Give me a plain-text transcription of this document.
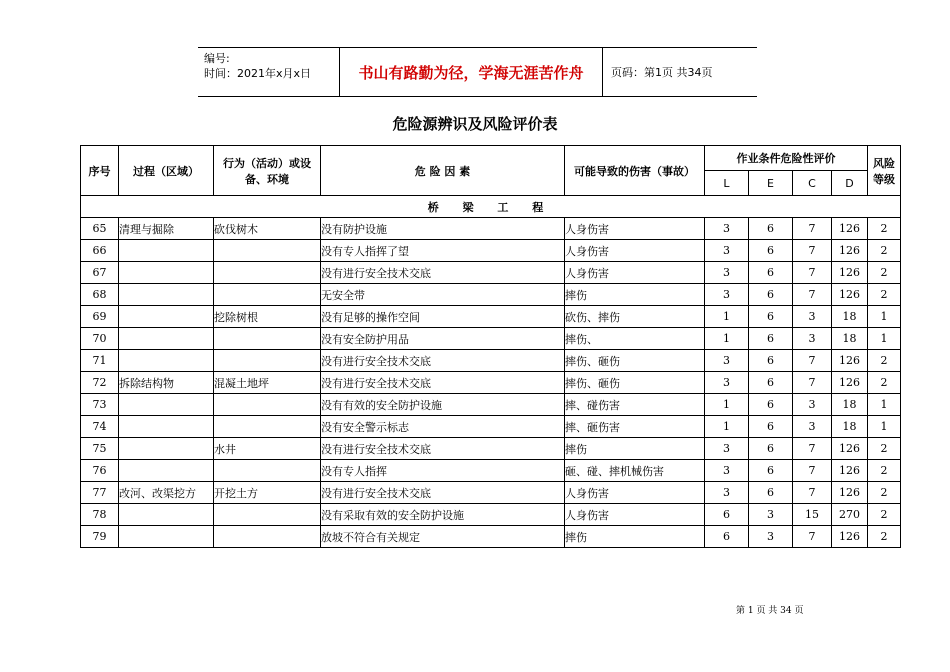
编号:
时间：2021年x月x日	书山有路勤为径，学海无涯苦作舟	页码：第1页 共34页
危险源辨识及风险评价表
序号	过程（区域）	行为（活动）或设备、环境	危 险 因 素	可能导致的伤害（事故）	作业条件危险性评价				风险等级
					L	E	C	D	
桥 梁 工 程									
65	清理与掘除	砍伐树木	没有防护设施	人身伤害	3	6	7	126	2
66			没有专人指挥了望	人身伤害	3	6	7	126	2
67			没有进行安全技术交底	人身伤害	3	6	7	126	2
68			无安全带	摔伤	3	6	7	126	2
69		挖除树根	没有足够的操作空间	砍伤、摔伤	1	6	3	18	1
70			没有安全防护用品	摔伤、	1	6	3	18	1
71			没有进行安全技术交底	摔伤、砸伤	3	6	7	126	2
72	拆除结构物	混凝土地坪	没有进行安全技术交底	摔伤、砸伤	3	6	7	126	2
73			没有有效的安全防护设施	摔、碰伤害	1	6	3	18	1
74			没有安全警示标志	摔、砸伤害	1	6	3	18	1
75		水井	没有进行安全技术交底	摔伤	3	6	7	126	2
76			没有专人指挥	砸、碰、摔机械伤害	3	6	7	126	2
77	改河、改渠挖方	开挖土方	没有进行安全技术交底	人身伤害	3	6	7	126	2
78			没有采取有效的安全防护设施	人身伤害	6	3	15	270	2
79			放坡不符合有关规定	摔伤	6	3	7	126	2
第 1 页 共 34 页
